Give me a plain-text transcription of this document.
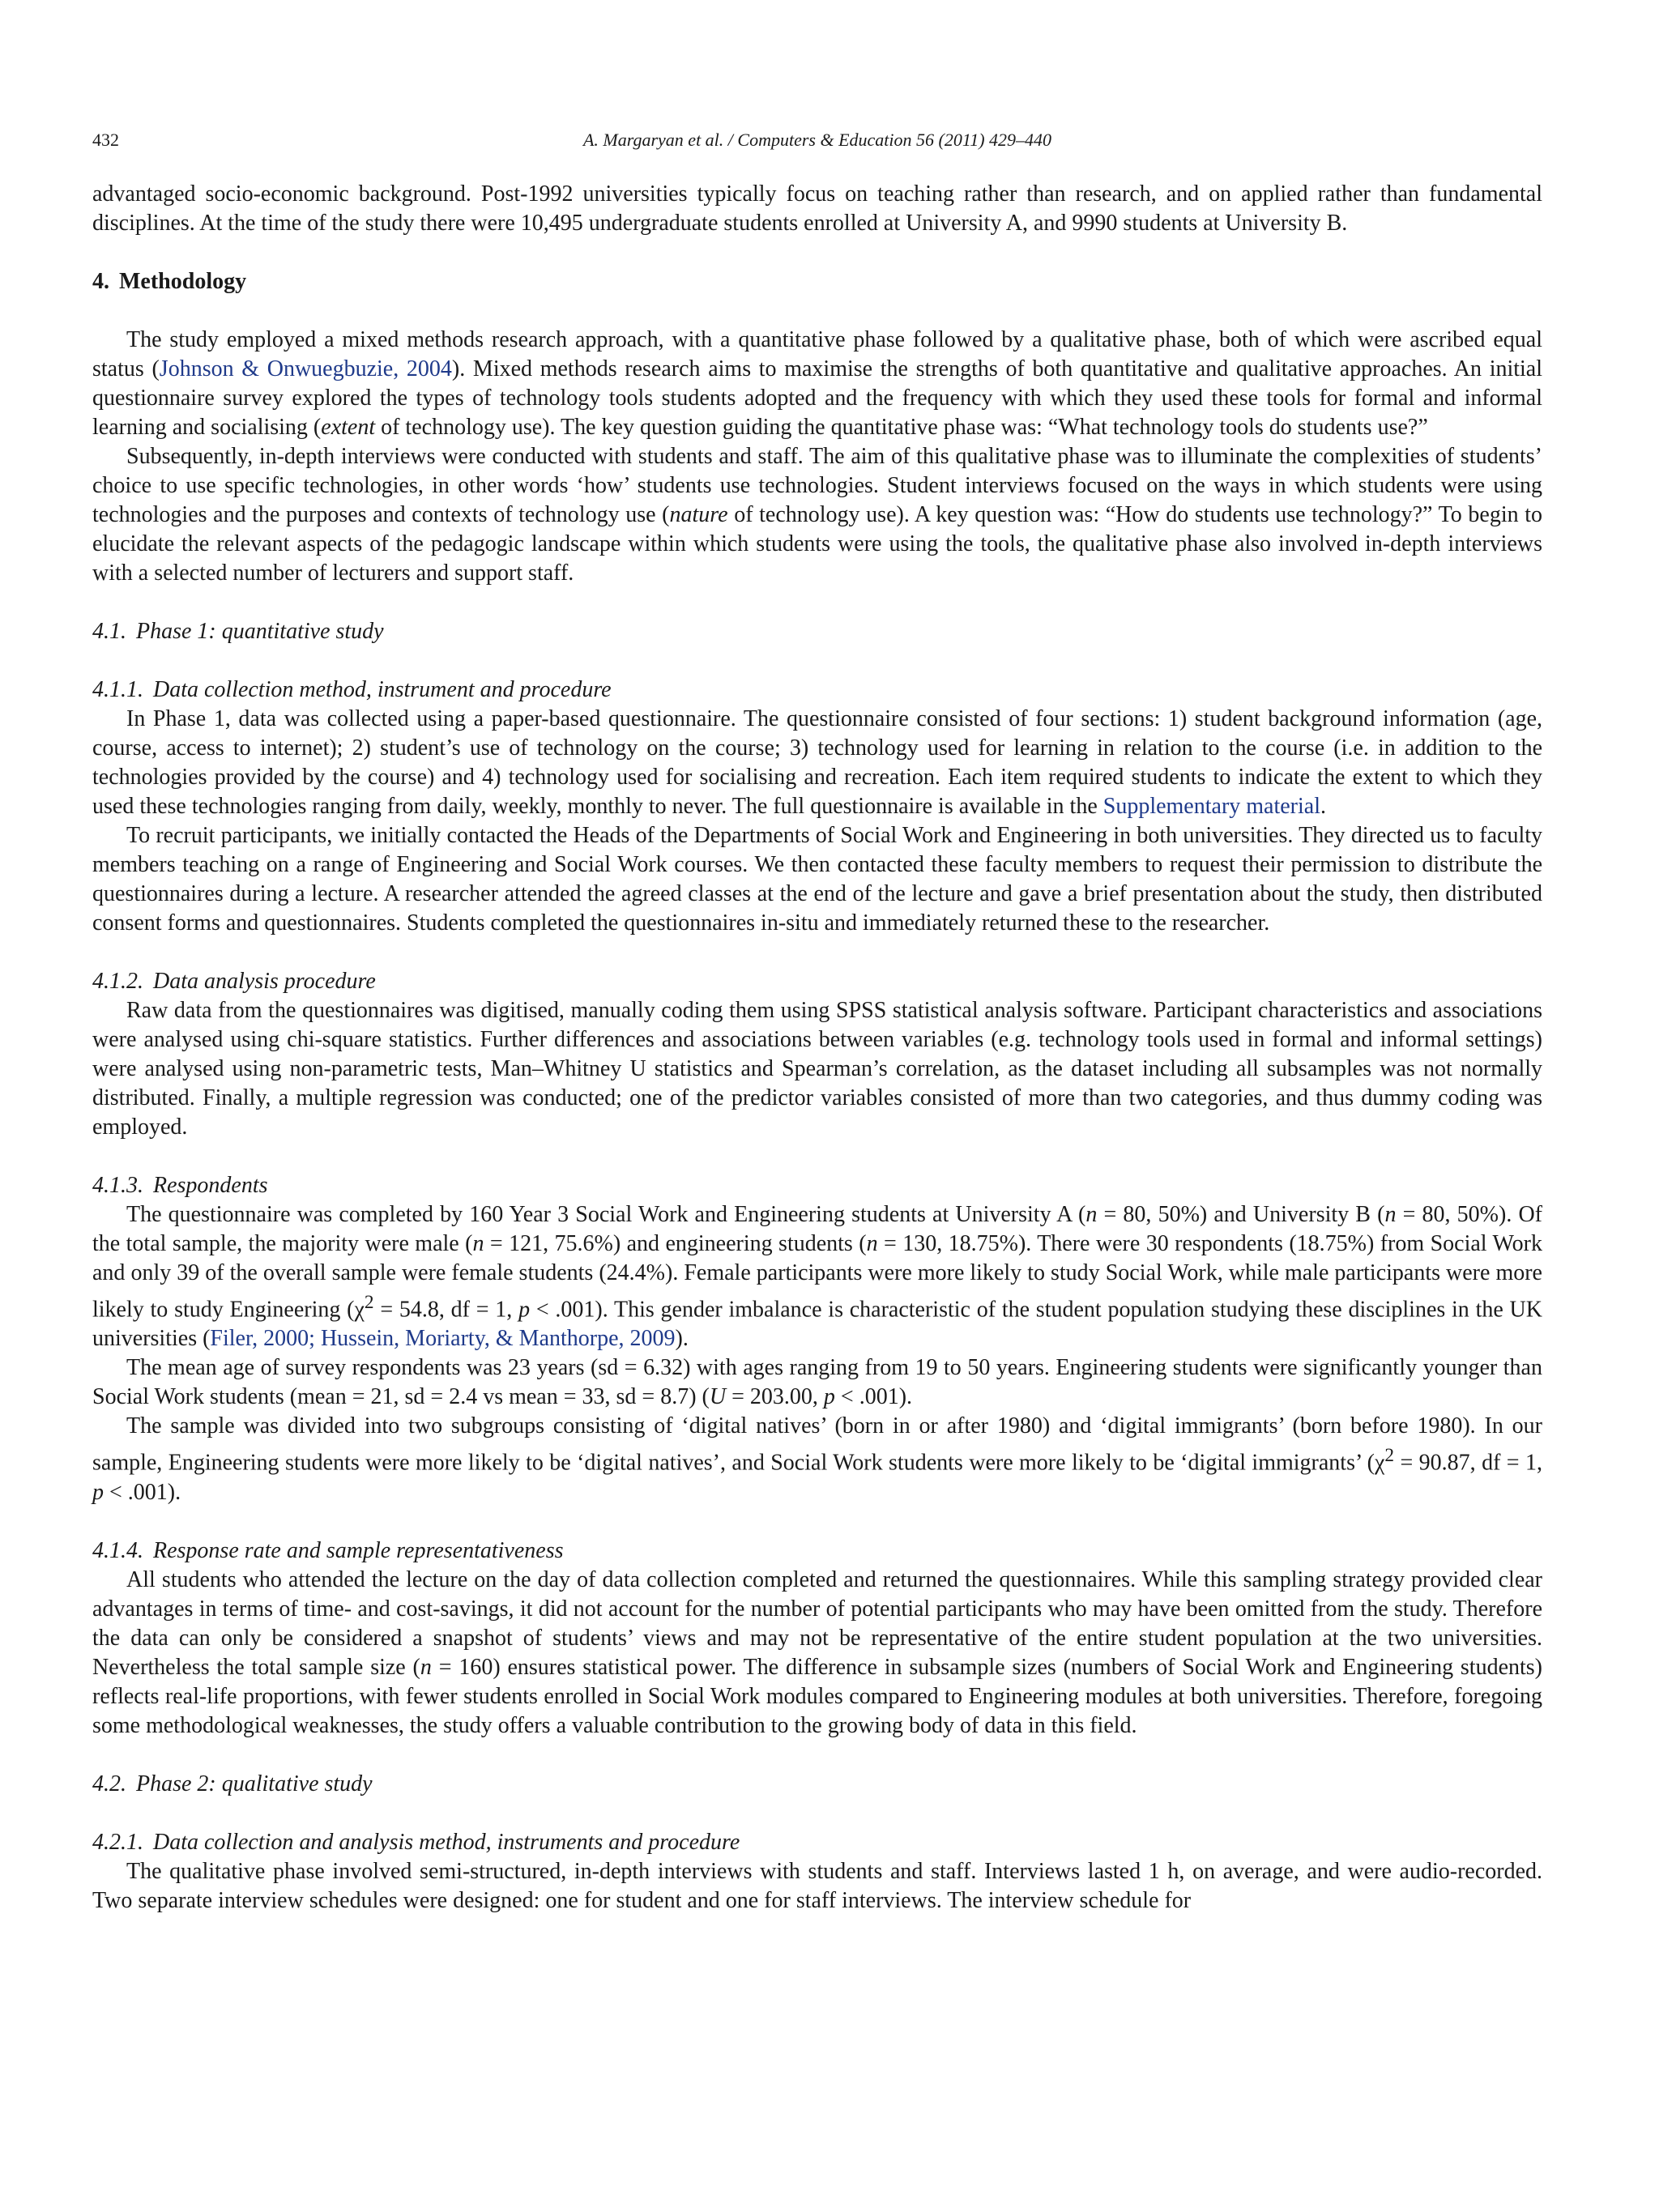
432	A. Margaryan et al. / Computers & Education 56 (2011) 429–440

advantaged socio-economic background. Post-1992 universities typically focus on teaching rather than research, and on applied rather than fundamental disciplines. At the time of the study there were 10,495 undergraduate students enrolled at University A, and 9990 students at University B.

4. Methodology

The study employed a mixed methods research approach, with a quantitative phase followed by a qualitative phase, both of which were ascribed equal status (Johnson & Onwuegbuzie, 2004). Mixed methods research aims to maximise the strengths of both quantitative and qualitative approaches. An initial questionnaire survey explored the types of technology tools students adopted and the frequency with which they used these tools for formal and informal learning and socialising (extent of technology use). The key question guiding the quantitative phase was: “What technology tools do students use?”

Subsequently, in-depth interviews were conducted with students and staff. The aim of this qualitative phase was to illuminate the complexities of students’ choice to use specific technologies, in other words ‘how’ students use technologies. Student interviews focused on the ways in which students were using technologies and the purposes and contexts of technology use (nature of technology use). A key question was: “How do students use technology?” To begin to elucidate the relevant aspects of the pedagogic landscape within which students were using the tools, the qualitative phase also involved in-depth interviews with a selected number of lecturers and support staff.

4.1. Phase 1: quantitative study
4.1.1. Data collection method, instrument and procedure

In Phase 1, data was collected using a paper-based questionnaire. The questionnaire consisted of four sections: 1) student background information (age, course, access to internet); 2) student’s use of technology on the course; 3) technology used for learning in relation to the course (i.e. in addition to the technologies provided by the course) and 4) technology used for socialising and recreation. Each item required students to indicate the extent to which they used these technologies ranging from daily, weekly, monthly to never. The full questionnaire is available in the Supplementary material.

To recruit participants, we initially contacted the Heads of the Departments of Social Work and Engineering in both universities. They directed us to faculty members teaching on a range of Engineering and Social Work courses. We then contacted these faculty members to request their permission to distribute the questionnaires during a lecture. A researcher attended the agreed classes at the end of the lecture and gave a brief presentation about the study, then distributed consent forms and questionnaires. Students completed the questionnaires in-situ and immediately returned these to the researcher.

4.1.2. Data analysis procedure

Raw data from the questionnaires was digitised, manually coding them using SPSS statistical analysis software. Participant characteristics and associations were analysed using chi-square statistics. Further differences and associations between variables (e.g. technology tools used in formal and informal settings) were analysed using non-parametric tests, Man–Whitney U statistics and Spearman’s correlation, as the dataset including all subsamples was not normally distributed. Finally, a multiple regression was conducted; one of the predictor variables consisted of more than two categories, and thus dummy coding was employed.

4.1.3. Respondents

The questionnaire was completed by 160 Year 3 Social Work and Engineering students at University A (n = 80, 50%) and University B (n = 80, 50%). Of the total sample, the majority were male (n = 121, 75.6%) and engineering students (n = 130, 18.75%). There were 30 respondents (18.75%) from Social Work and only 39 of the overall sample were female students (24.4%). Female participants were more likely to study Social Work, while male participants were more likely to study Engineering ($\chi^2 = 54.8$, df = 1, p < .001). This gender imbalance is characteristic of the student population studying these disciplines in the UK universities (Filer, 2000; Hussein, Moriarty, & Manthorpe, 2009).

The mean age of survey respondents was 23 years (sd = 6.32) with ages ranging from 19 to 50 years. Engineering students were significantly younger than Social Work students (mean = 21, sd = 2.4 vs mean = 33, sd = 8.7) (U = 203.00, p < .001).

The sample was divided into two subgroups consisting of ‘digital natives’ (born in or after 1980) and ‘digital immigrants’ (born before 1980). In our sample, Engineering students were more likely to be ‘digital natives’, and Social Work students were more likely to be ‘digital immigrants’ ($\chi^2 = 90.87$, df = 1, p < .001).

4.1.4. Response rate and sample representativeness

All students who attended the lecture on the day of data collection completed and returned the questionnaires. While this sampling strategy provided clear advantages in terms of time- and cost-savings, it did not account for the number of potential participants who may have been omitted from the study. Therefore the data can only be considered a snapshot of students’ views and may not be representative of the entire student population at the two universities. Nevertheless the total sample size (n = 160) ensures statistical power. The difference in subsample sizes (numbers of Social Work and Engineering students) reflects real-life proportions, with fewer students enrolled in Social Work modules compared to Engineering modules at both universities. Therefore, foregoing some methodological weaknesses, the study offers a valuable contribution to the growing body of data in this field.

4.2. Phase 2: qualitative study
4.2.1. Data collection and analysis method, instruments and procedure

The qualitative phase involved semi-structured, in-depth interviews with students and staff. Interviews lasted 1 h, on average, and were audio-recorded. Two separate interview schedules were designed: one for student and one for staff interviews. The interview schedule for
